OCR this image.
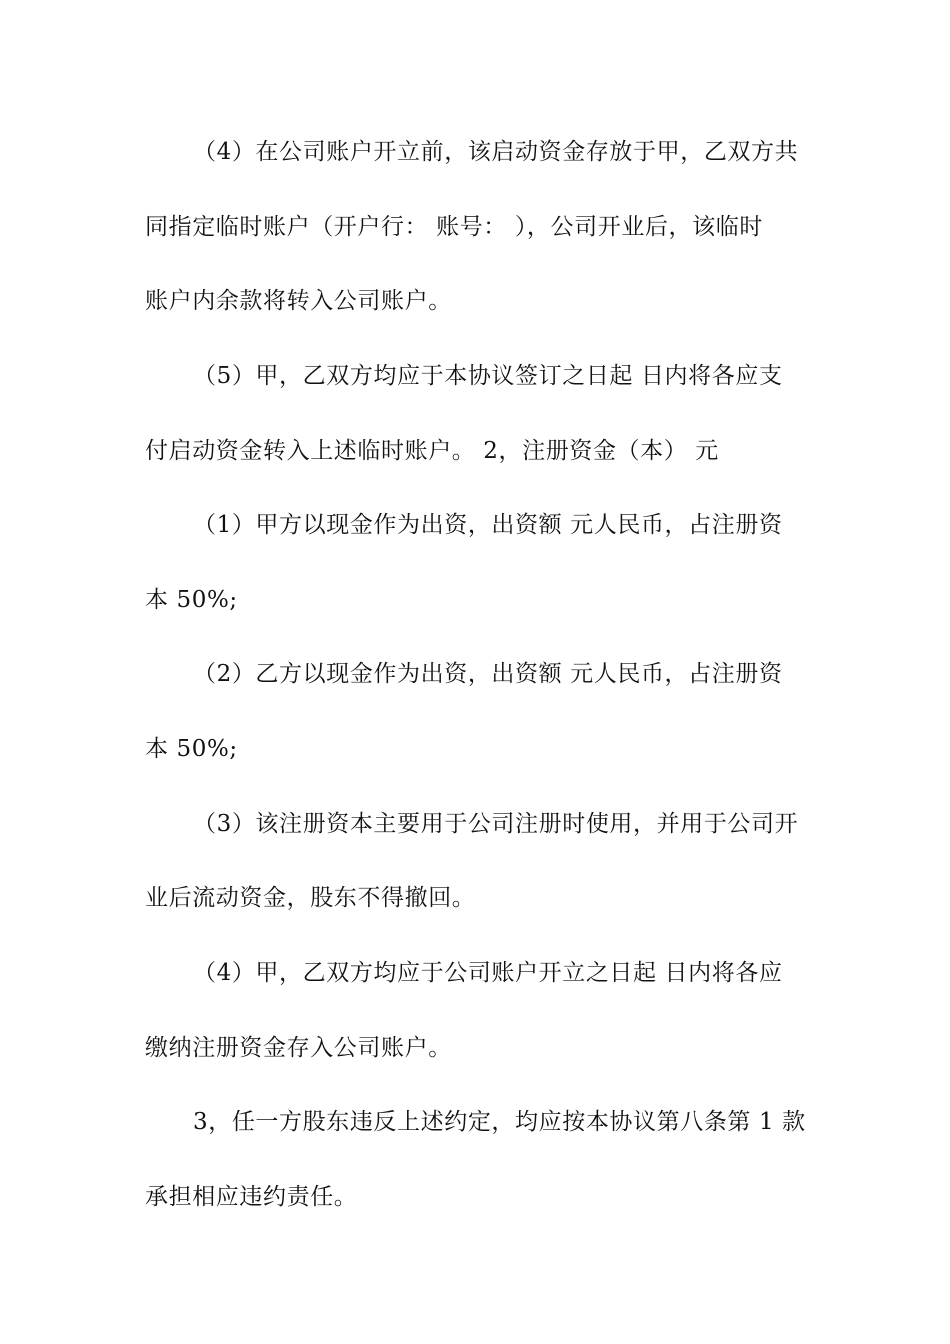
（4）在公司账户开立前，该启动资金存放于甲，乙双方共
同指定临时账户（开户行： 账号： ），公司开业后，该临时
账户内余款将转入公司账户。
（5）甲，乙双方均应于本协议签订之日起 日内将各应支
付启动资金转入上述临时账户。 2，注册资金（本） 元
（1）甲方以现金作为出资，出资额 元人民币，占注册资
本 50%;
（2）乙方以现金作为出资，出资额 元人民币，占注册资
本 50%;
（3）该注册资本主要用于公司注册时使用，并用于公司开
业后流动资金，股东不得撤回。
（4）甲，乙双方均应于公司账户开立之日起 日内将各应
缴纳注册资金存入公司账户。
3，任一方股东违反上述约定，均应按本协议第八条第 1 款
承担相应违约责任。
